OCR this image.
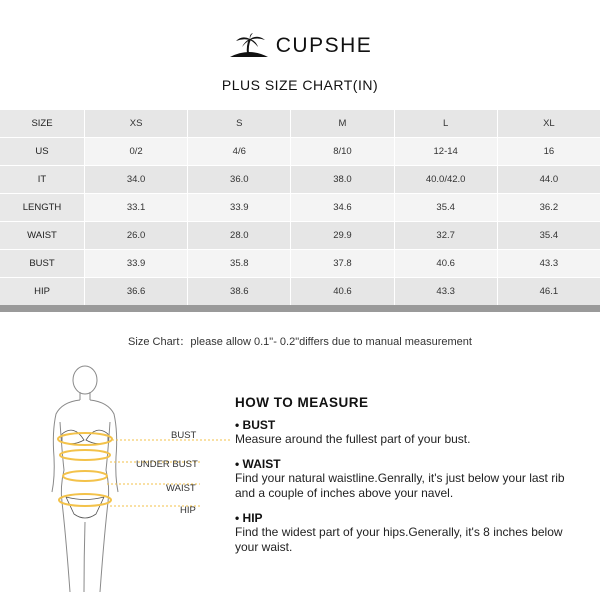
CUPSHE
PLUS SIZE CHART(IN)
SIZE	XS	S	M	L	XL
US	0/2	4/6	8/10	12-14	16
IT	34.0	36.0	38.0	40.0/42.0	44.0
LENGTH	33.1	33.9	34.6	35.4	36.2
WAIST	26.0	28.0	29.9	32.7	35.4
BUST	33.9	35.8	37.8	40.6	43.3
HIP	36.6	38.6	40.6	43.3	46.1
Size Chart：please allow 0.1"- 0.2"differs due to manual measurement
BUST
UNDER BUST
WAIST
HIP
HOW TO MEASURE
• BUST
Measure around the fullest part of your bust.
• WAIST
Find your natural waistline.Genrally, it's just below your last rib and a couple of inches above your navel.
• HIP
Find the widest part of your hips.Generally, it's 8 inches below your waist.
